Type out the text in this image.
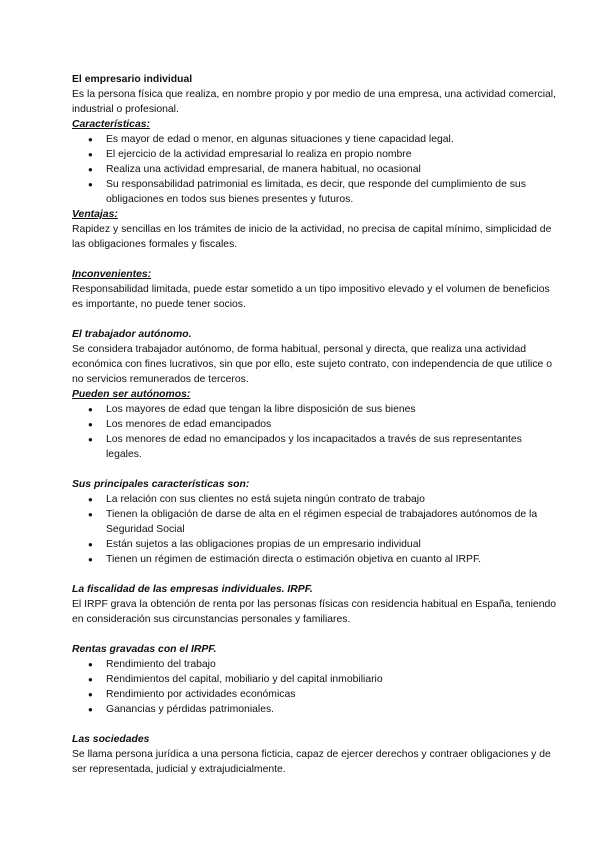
El empresario individual

Es la persona física que realiza, en nombre propio y por medio de una empresa, una actividad comercial, industrial o profesional.

Características:

● Es mayor de edad o menor, en algunas situaciones y tiene capacidad legal.
● El ejercicio de la actividad empresarial lo realiza en propio nombre
● Realiza una actividad empresarial, de manera habitual, no ocasional
● Su responsabilidad patrimonial es limitada, es decir, que responde del cumplimiento de sus obligaciones en todos sus bienes presentes y futuros.

Ventajas:

Rapidez y sencillas en los trámites de inicio de la actividad, no precisa de capital mínimo, simplicidad de las obligaciones formales y fiscales.

Inconvenientes:

Responsabilidad limitada, puede estar sometido a un tipo impositivo elevado y el volumen de beneficios es importante, no puede tener socios.

El trabajador autónomo.

Se considera trabajador autónomo, de forma habitual, personal y directa, que realiza una actividad económica con fines lucrativos, sin que por ello, este sujeto contrato, con independencia de que utilice o no servicios remunerados de terceros.

Pueden ser autónomos:

● Los mayores de edad que tengan la libre disposición de sus bienes
● Los menores de edad emancipados
● Los menores de edad no emancipados y los incapacitados a través de sus representantes legales.

Sus principales características son:

● La relación con sus clientes no está sujeta ningún contrato de trabajo
● Tienen la obligación de darse de alta en el régimen especial de trabajadores autónomos de la Seguridad Social
● Están sujetos a las obligaciones propias de un empresario individual
● Tienen un régimen de estimación directa o estimación objetiva en cuanto al IRPF.

La fiscalidad de las empresas individuales. IRPF.

El IRPF grava la obtención de renta por las personas físicas con residencia habitual en España, teniendo en consideración sus circunstancias personales y familiares.

Rentas gravadas con el IRPF.

● Rendimiento del trabajo
● Rendimientos del capital, mobiliario y del capital inmobiliario
● Rendimiento por actividades económicas
● Ganancias y pérdidas patrimoniales.

Las sociedades

Se llama persona jurídica a una persona ficticia, capaz de ejercer derechos y contraer obligaciones y de ser representada, judicial y extrajudicialmente.
